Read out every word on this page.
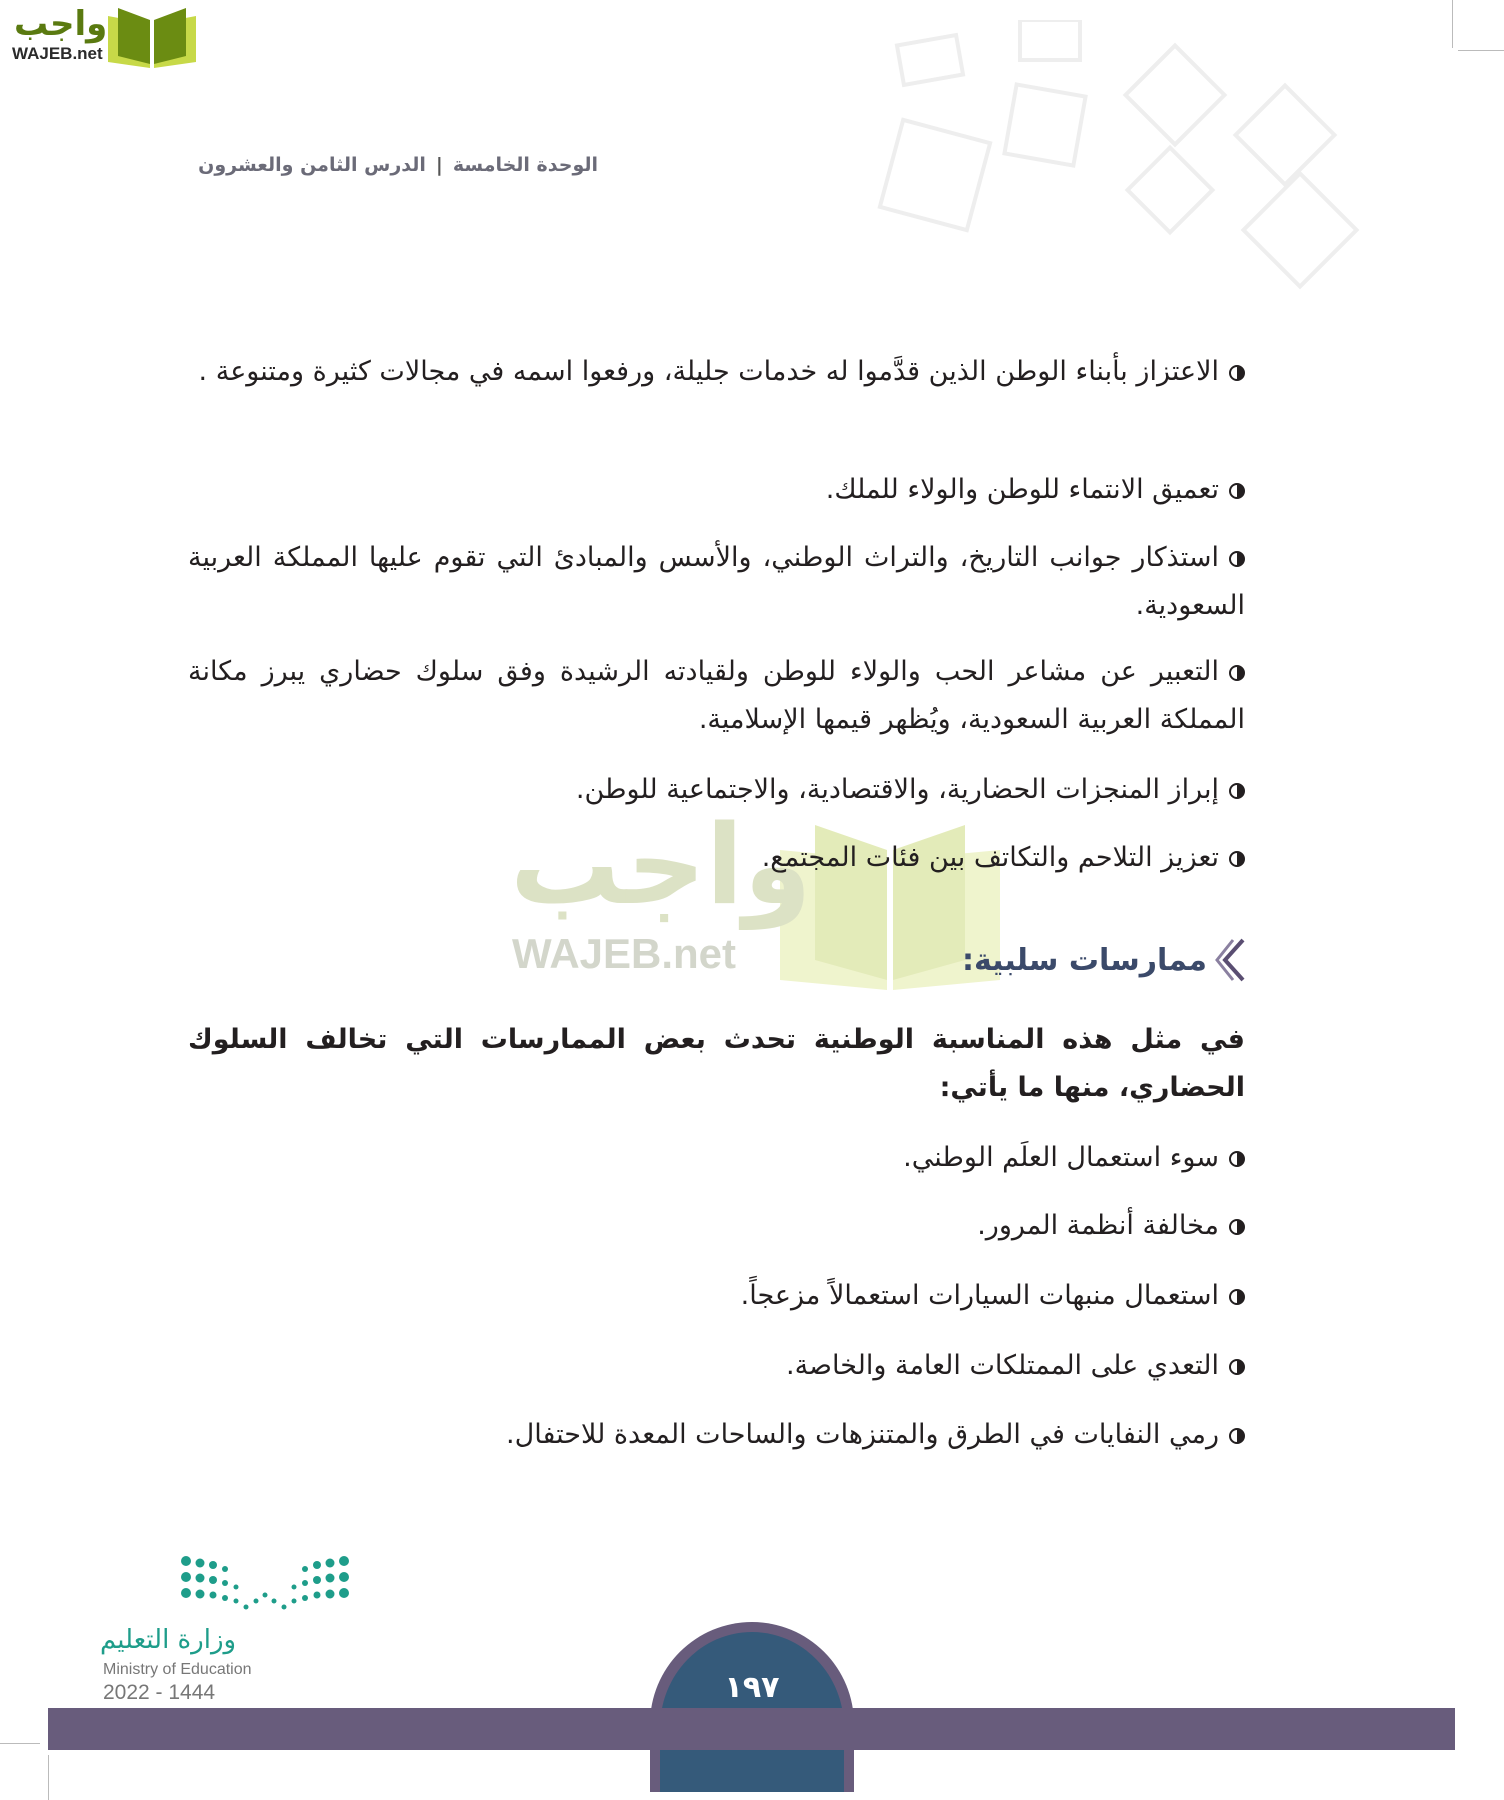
واجب
WAJEB.net
الوحدة الخامسة|الدرس الثامن والعشرون
واجب
WAJEB.net
الاعتزاز بأبناء الوطن الذين قدَّموا له خدمات جليلة، ورفعوا اسمه في مجالات كثيرة ومتنوعة .
تعميق الانتماء للوطن والولاء للملك.
استذكار جوانب التاريخ، والتراث الوطني، والأسس والمبادئ التي تقوم عليها المملكة العربية السعودية.
التعبير عن مشاعر الحب والولاء للوطن ولقيادته الرشيدة وفق سلوك حضاري يبرز مكانة المملكة العربية السعودية، ويُظهر قيمها الإسلامية.
إبراز المنجزات الحضارية، والاقتصادية، والاجتماعية للوطن.
تعزيز التلاحم والتكاتف بين فئات المجتمع.
ممارسات سلبية:
في مثل هذه المناسبة الوطنية تحدث بعض الممارسات التي تخالف السلوك الحضاري، منها ما يأتي:
سوء استعمال العلَم الوطني.
مخالفة أنظمة المرور.
استعمال منبهات السيارات استعمالاً مزعجاً.
التعدي على الممتلكات العامة والخاصة.
رمي النفايات في الطرق والمتنزهات والساحات المعدة للاحتفال.
وزارة التعليم
Ministry of Education
2022 - 1444	١٩٧
